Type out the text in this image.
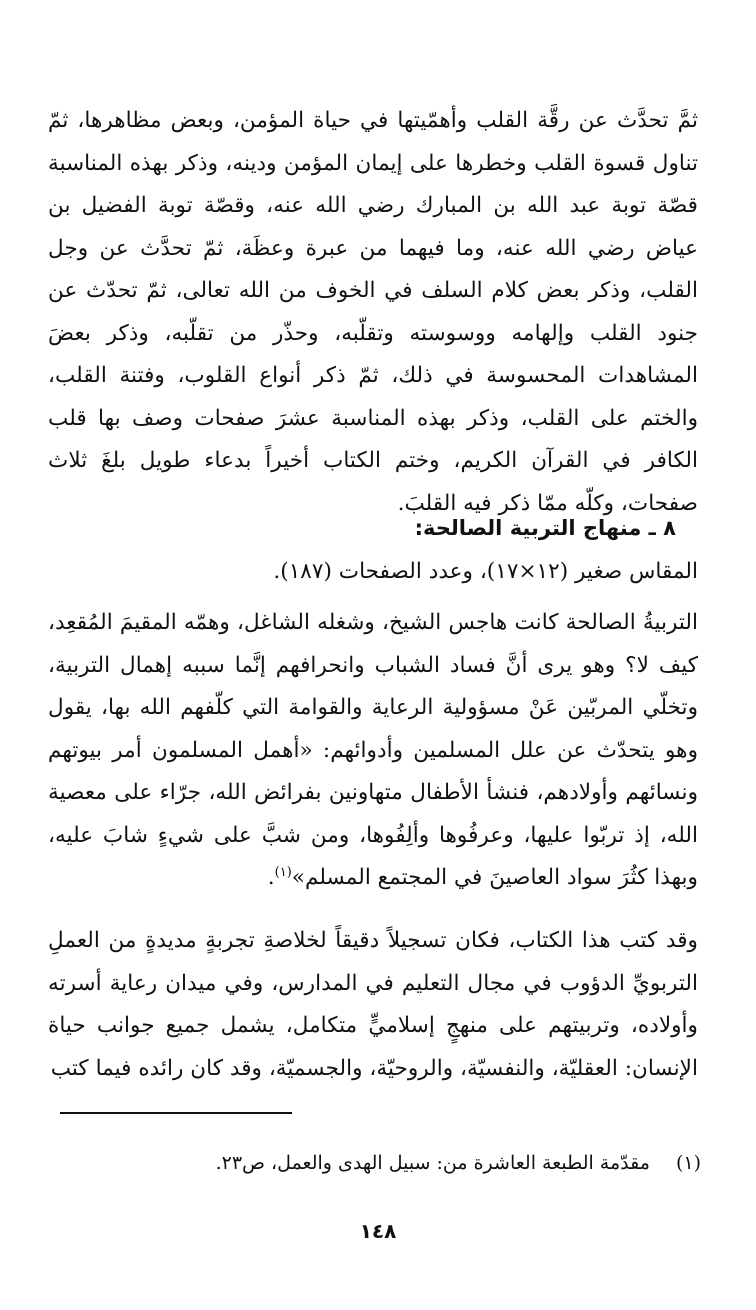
ثمَّ تحدَّث عن رقَّة القلب وأهمّيتها في حياة المؤمن، وبعض مظاهرها، ثمّ تناول قسوة القلب وخطرها على إيمان المؤمن ودينه، وذكر بهذه المناسبة قصّة توبة عبد الله بن المبارك رضي الله عنه، وقصّة توبة الفضيل بن عياض رضي الله عنه، وما فيهما من عبرة وعظَة، ثمّ تحدَّث عن وجل القلب، وذكر بعض كلام السلف في الخوف من الله تعالى، ثمّ تحدّث عن جنود القلب وإلهامه ووسوسته وتقلّبه، وحذّر من تقلّبه، وذكر بعضَ المشاهدات المحسوسة في ذلك، ثمّ ذكر أنواع القلوب، وفتنة القلب، والختم على القلب، وذكر بهذه المناسبة عشرَ صفحات وصف بها قلب الكافر في القرآن الكريم، وختم الكتاب أخيراً بدعاء طويل بلغَ ثلاث صفحات، وكلّه ممّا ذكر فيه القلبَ.

٨ ـ منهاج التربية الصالحة:

المقاس صغير (١٢×١٧)، وعدد الصفحات (١٨٧).

التربيةُ الصالحة كانت هاجس الشيخ، وشغله الشاغل، وهمّه المقيمَ المُقعِد، كيف لا؟ وهو يرى أنَّ فساد الشباب وانحرافهم إنَّما سببه إهمال التربية، وتخلّي المربّين عَنْ مسؤولية الرعاية والقوامة التي كلّفهم الله بها، يقول وهو يتحدّث عن علل المسلمين وأدوائهم: «أهمل المسلمون أمر بيوتهم ونسائهم وأولادهم، فنشأ الأطفال متهاونين بفرائض الله، جرّاء على معصية الله، إذ تربّوا عليها، وعرفُوها وألِفُوها، ومن شبَّ على شيءٍ شابَ عليه، وبهذا كثُرَ سواد العاصينَ في المجتمع المسلم»$^{(١)}$.

وقد كتب هذا الكتاب، فكان تسجيلاً دقيقاً لخلاصةِ تجربةٍ مديدةٍ من العملِ التربويِّ الدؤوب في مجال التعليم في المدارس، وفي ميدان رعاية أسرته وأولاده، وتربيتهم على منهجٍ إسلاميٍّ متكامل، يشمل جميع جوانب حياة الإنسان: العقليّة، والنفسيّة، والروحيّة، والجسميّة، وقد كان رائده فيما كتب

(١)مقدّمة الطبعة العاشرة من: سبيل الهدى والعمل، ص٢٣.

١٤٨
